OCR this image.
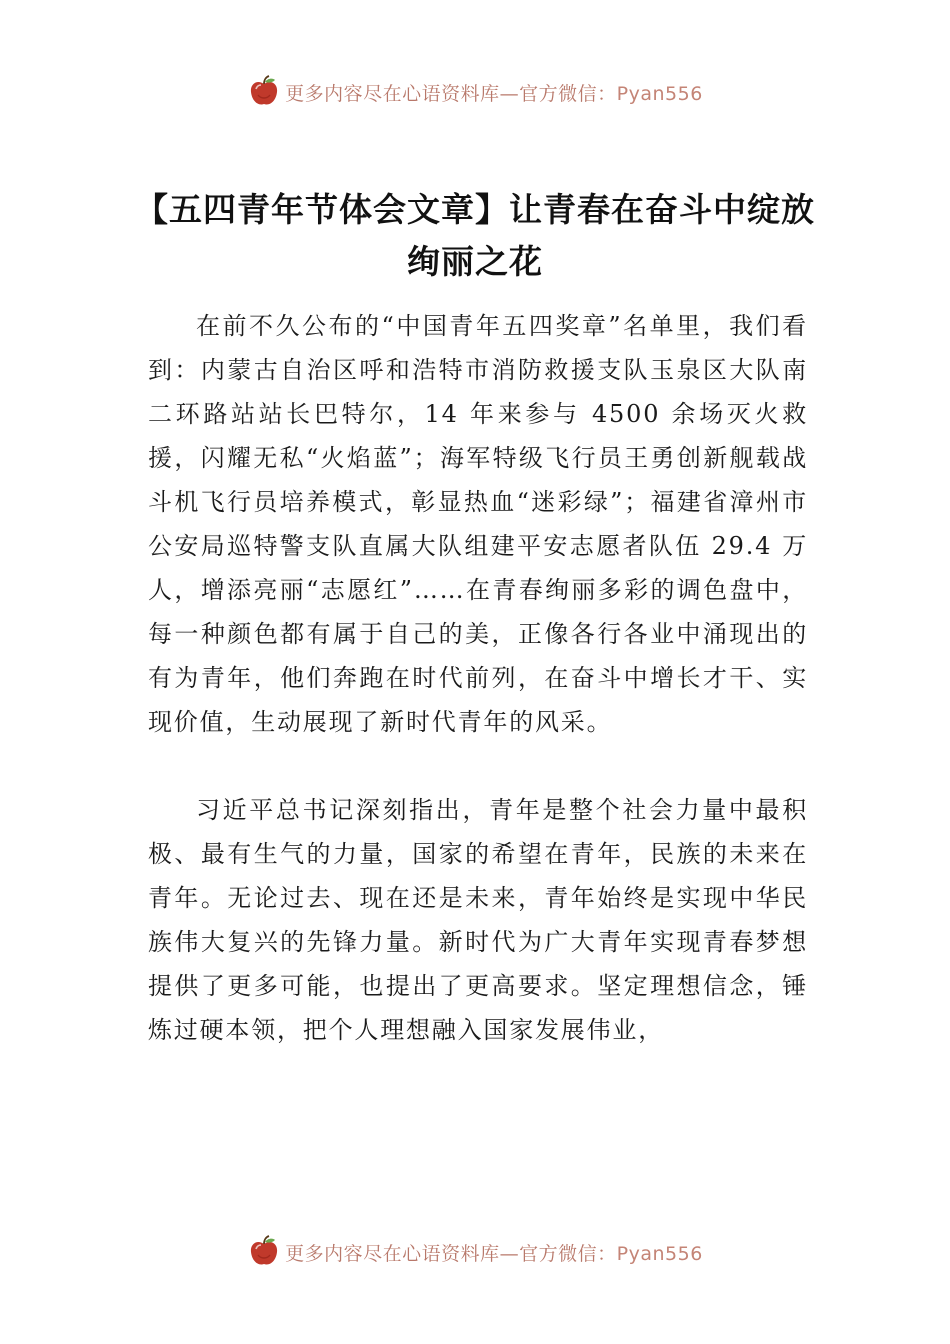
更多内容尽在心语资料库—官方微信：Pyan556
【五四青年节体会文章】让青春在奋斗中绽放绚丽之花

在前不久公布的“中国青年五四奖章”名单里，我们看到：内蒙古自治区呼和浩特市消防救援支队玉泉区大队南二环路站站长巴特尔，14 年来参与 4500 余场灭火救援，闪耀无私“火焰蓝”；海军特级飞行员王勇创新舰载战斗机飞行员培养模式，彰显热血“迷彩绿”；福建省漳州市公安局巡特警支队直属大队组建平安志愿者队伍 29.4 万人，增添亮丽“志愿红”……在青春绚丽多彩的调色盘中，每一种颜色都有属于自己的美，正像各行各业中涌现出的有为青年，他们奔跑在时代前列，在奋斗中增长才干、实现价值，生动展现了新时代青年的风采。

习近平总书记深刻指出，青年是整个社会力量中最积极、最有生气的力量，国家的希望在青年，民族的未来在青年。无论过去、现在还是未来，青年始终是实现中华民族伟大复兴的先锋力量。新时代为广大青年实现青春梦想提供了更多可能，也提出了更高要求。坚定理想信念，锤炼过硬本领，把个人理想融入国家发展伟业，

更多内容尽在心语资料库—官方微信：Pyan556
